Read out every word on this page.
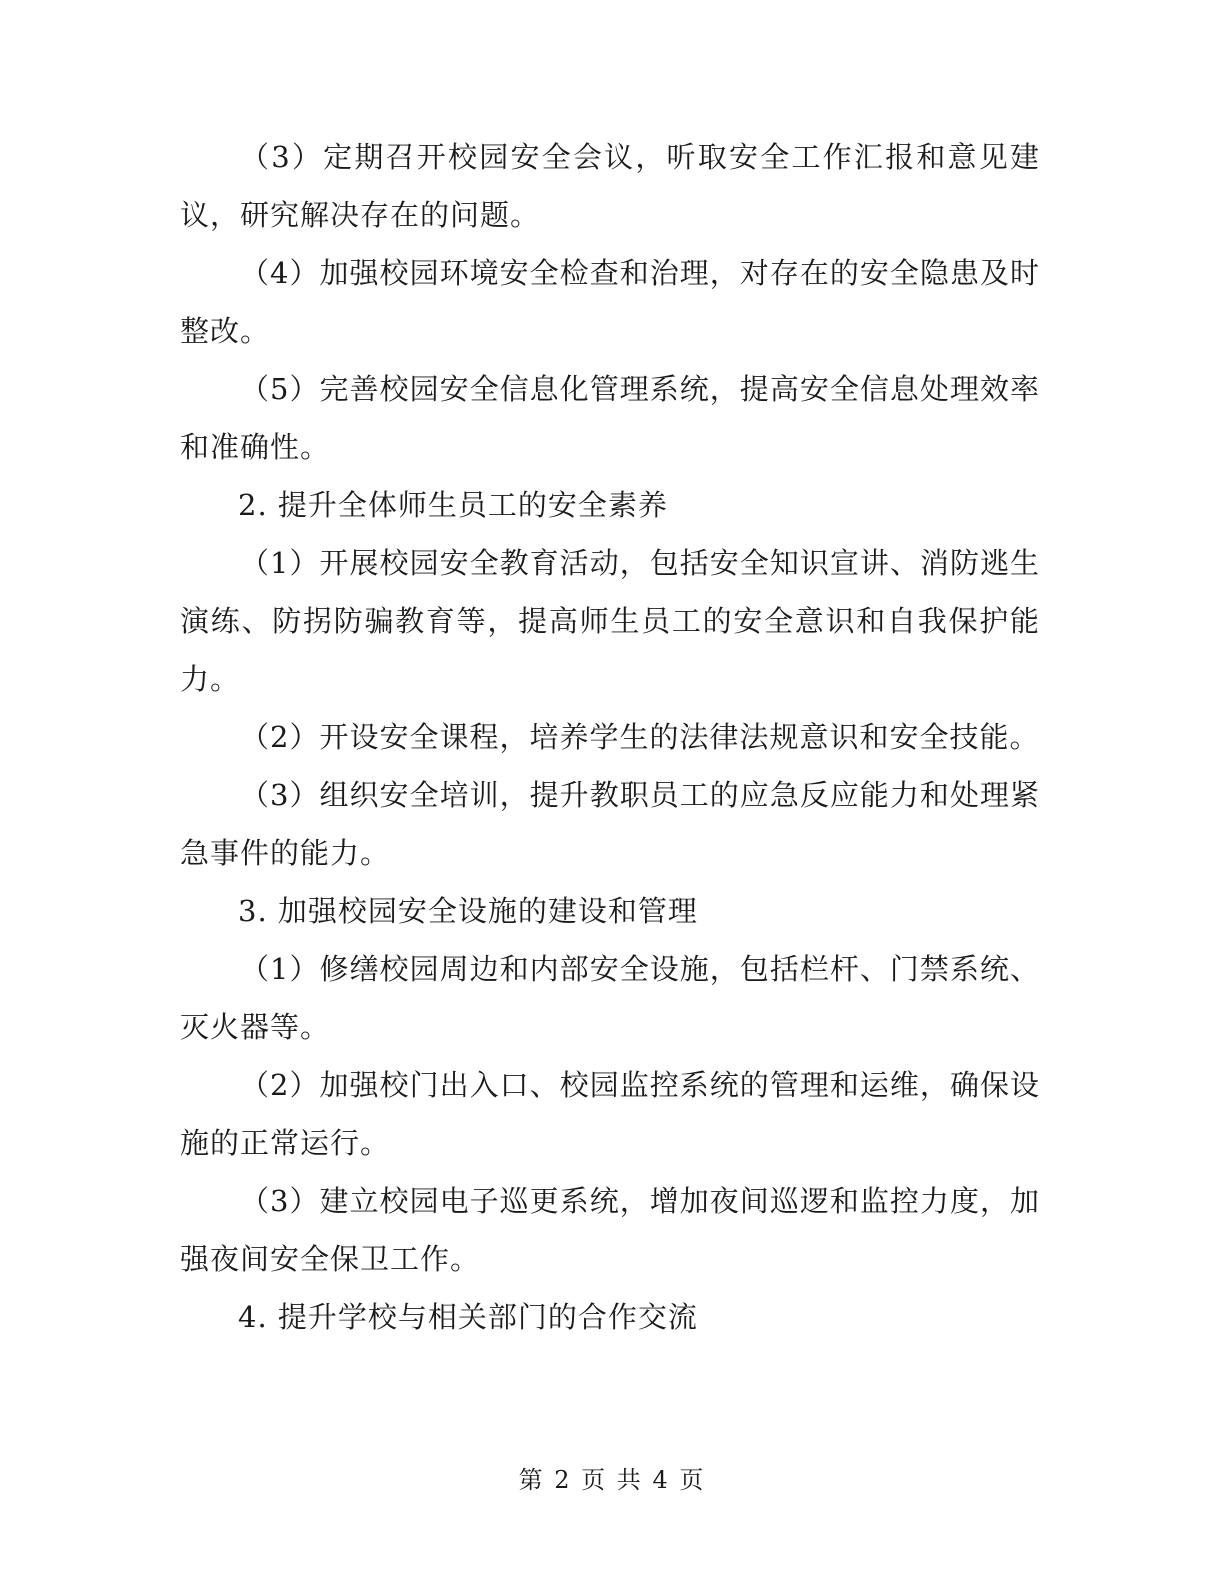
（3）定期召开校园安全会议，听取安全工作汇报和意见建议，研究解决存在的问题。

（4）加强校园环境安全检查和治理，对存在的安全隐患及时整改。

（5）完善校园安全信息化管理系统，提高安全信息处理效率和准确性。

2. 提升全体师生员工的安全素养

（1）开展校园安全教育活动，包括安全知识宣讲、消防逃生演练、防拐防骗教育等，提高师生员工的安全意识和自我保护能力。

（2）开设安全课程，培养学生的法律法规意识和安全技能。

（3）组织安全培训，提升教职员工的应急反应能力和处理紧急事件的能力。

3. 加强校园安全设施的建设和管理

（1）修缮校园周边和内部安全设施，包括栏杆、门禁系统、灭火器等。

（2）加强校门出入口、校园监控系统的管理和运维，确保设施的正常运行。

（3）建立校园电子巡更系统，增加夜间巡逻和监控力度，加强夜间安全保卫工作。

4. 提升学校与相关部门的合作交流

第 2 页 共 4 页
